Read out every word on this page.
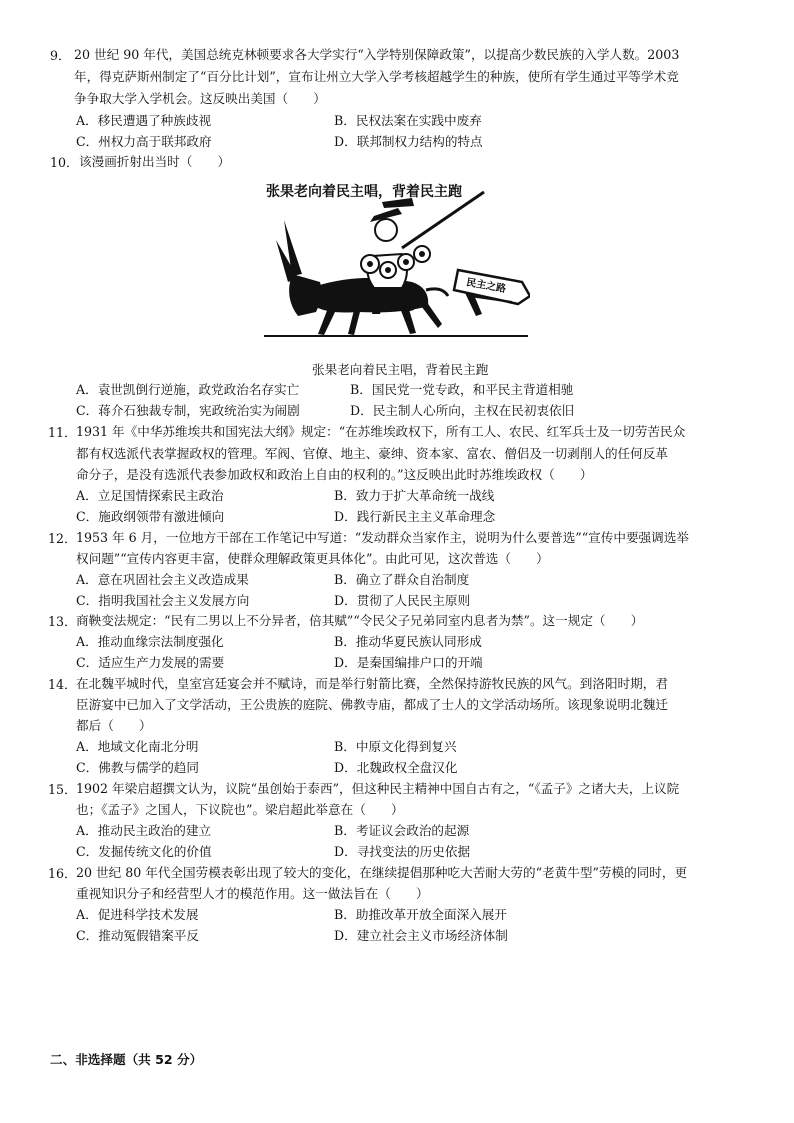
9． 20 世纪 90 年代，美国总统克林顿要求各大学实行“入学特别保障政策”，以提高少数民族的入学人数。2003
年，得克萨斯州制定了“百分比计划”，宣布让州立大学入学考核超越学生的种族，使所有学生通过平等学术竞
争争取大学入学机会。这反映出美国（　　）
A．移民遭遇了种族歧视	B．民权法案在实践中废弃
C．州权力高于联邦政府	D．联邦制权力结构的特点
10． 该漫画折射出当时（　　）
张果老向着民主唱，背着民主跑
民主之路
张果老向着民主唱，背着民主跑
A．袁世凯倒行逆施，政党政治名存实亡	B．国民党一党专政，和平民主背道相驰
C．蒋介石独裁专制，宪政统治实为闹剧	D．民主制人心所向，主权在民初衷依旧
11． 1931 年《中华苏维埃共和国宪法大纲》规定：“在苏维埃政权下，所有工人、农民、红军兵士及一切劳苦民众
都有权选派代表掌握政权的管理。军阀、官僚、地主、豪绅、资本家、富农、僧侣及一切剥削人的任何反革
命分子，是没有选派代表参加政权和政治上自由的权利的。”这反映出此时苏维埃政权（　　）
A．立足国情探索民主政治	B．致力于扩大革命统一战线
C．施政纲领带有激进倾向	D．践行新民主主义革命理念
12． 1953 年 6 月，一位地方干部在工作笔记中写道：“发动群众当家作主，说明为什么要普选”“宣传中要强调选举
权问题”“宣传内容更丰富，使群众理解政策更具体化”。由此可见，这次普选（　　）
A．意在巩固社会主义改造成果	B．确立了群众自治制度
C．指明我国社会主义发展方向	D．贯彻了人民民主原则
13． 商鞅变法规定：“民有二男以上不分异者，倍其赋”“令民父子兄弟同室内息者为禁”。这一规定（　　）
A．推动血缘宗法制度强化	B．推动华夏民族认同形成
C．适应生产力发展的需要	D．是秦国编排户口的开端
14． 在北魏平城时代，皇室宫廷宴会并不赋诗，而是举行射箭比赛，全然保持游牧民族的风气。到洛阳时期，君
臣游宴中已加入了文学活动，王公贵族的庭院、佛教寺庙，都成了士人的文学活动场所。该现象说明北魏迁
都后（　　）
A．地域文化南北分明	B．中原文化得到复兴
C．佛教与儒学的趋同	D．北魏政权全盘汉化
15． 1902 年梁启超撰文认为，议院“虽创始于泰西”，但这种民主精神中国自古有之，“《孟子》之诸大夫，上议院
也；《孟子》之国人，下议院也”。梁启超此举意在（　　）
A．推动民主政治的建立	B．考证议会政治的起源
C．发掘传统文化的价值	D．寻找变法的历史依据
16． 20 世纪 80 年代全国劳模表彰出现了较大的变化，在继续提倡那种吃大苦耐大劳的“老黄牛型”劳模的同时，更
重视知识分子和经营型人才的模范作用。这一做法旨在（　　）
A．促进科学技术发展	B．助推改革开放全面深入展开
C．推动冤假错案平反	D．建立社会主义市场经济体制
二、非选择题（共 52 分）
